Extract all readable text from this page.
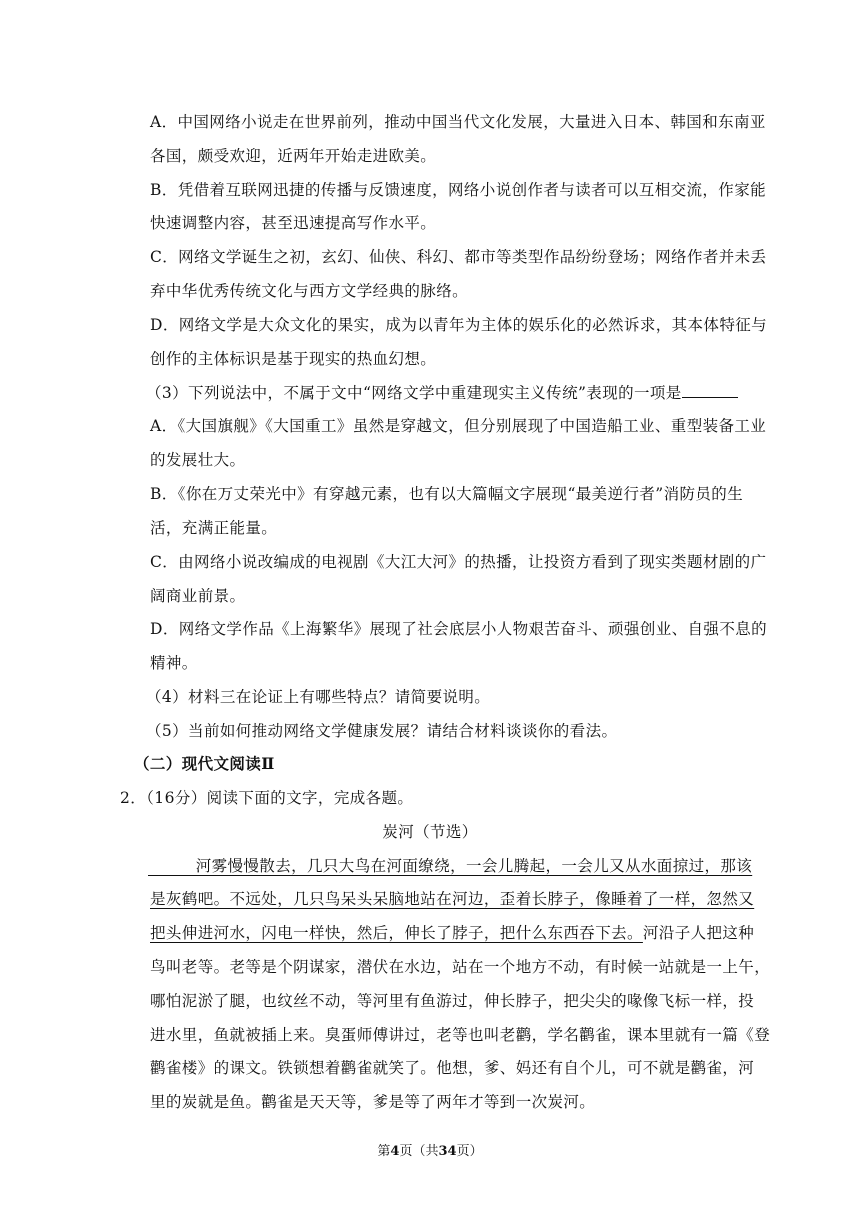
A．中国网络小说走在世界前列，推动中国当代文化发展，大量进入日本、韩国和东南亚
各国，颇受欢迎，近两年开始走进欧美。
B．凭借着互联网迅捷的传播与反馈速度，网络小说创作者与读者可以互相交流，作家能
快速调整内容，甚至迅速提高写作水平。
C．网络文学诞生之初，玄幻、仙侠、科幻、都市等类型作品纷纷登场；网络作者并未丢
弃中华优秀传统文化与西方文学经典的脉络。
D．网络文学是大众文化的果实，成为以青年为主体的娱乐化的必然诉求，其本体特征与
创作的主体标识是基于现实的热血幻想。
（3）下列说法中，不属于文中“网络文学中重建现实主义传统”表现的一项是
A．《大国旗舰》《大国重工》虽然是穿越文，但分别展现了中国造船工业、重型装备工业
的发展壮大。
B．《你在万丈荣光中》有穿越元素，也有以大篇幅文字展现“最美逆行者”消防员的生
活，充满正能量。
C．由网络小说改编成的电视剧《大江大河》的热播，让投资方看到了现实类题材剧的广
阔商业前景。
D．网络文学作品《上海繁华》展现了社会底层小人物艰苦奋斗、顽强创业、自强不息的
精神。
（4）材料三在论证上有哪些特点？请简要说明。
（5）当前如何推动网络文学健康发展？请结合材料谈谈你的看法。
（二）现代文阅读Ⅱ
2．（16分）阅读下面的文字，完成各题。
炭河（节选）
　　　河雾慢慢散去，几只大鸟在河面缭绕，一会儿腾起，一会儿又从水面掠过，那该
是灰鹤吧。不远处，几只鸟呆头呆脑地站在河边，歪着长脖子，像睡着了一样，忽然又
把头伸进河水，闪电一样快，然后，伸长了脖子，把什么东西吞下去。河沿子人把这种
鸟叫老等。老等是个阴谋家，潜伏在水边，站在一个地方不动，有时候一站就是一上午，
哪怕泥淤了腿，也纹丝不动，等河里有鱼游过，伸长脖子，把尖尖的喙像飞标一样，投
进水里，鱼就被插上来。臭蛋师傅讲过，老等也叫老鹳，学名鹳雀，课本里就有一篇《登
鹳雀楼》的课文。铁锁想着鹳雀就笑了。他想，爹、妈还有自个儿，可不就是鹳雀，河
里的炭就是鱼。鹳雀是天天等，爹是等了两年才等到一次炭河。
第4页（共34页）
